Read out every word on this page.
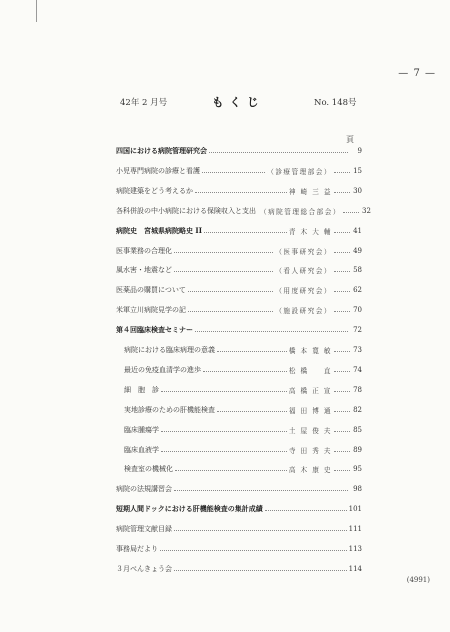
— 7 —
42年 2 月号	もくじ	No. 148号
頁
四国における病院管理研究会	9
小児専門病院の診療と看護	（診療管理部会）	15
病院建築をどう考えるか	神 崎 三 益	30
各科併設の中小病院における保険収入と支出 （病院管理総合部会）	32
病院史　宮城県病院略史 II	青 木 大 輔	41
医事業務の合理化	（医事研究会）	49
風水害・地震など	（看人研究会）	58
医薬品の購買について	（用度研究会）	62
米軍立川病院見学の記	（施設研究会）	70
第４回臨床検査セミナー	72
病院における臨床病理の意義	橋 本 寛 敏	73
最近の免疫血清学の進歩	松 橋 　 直	74
細　胞　診	高 橋 正 宣	78
実地診療のための肝機能検査	福 田 博 通	82
臨床腫瘍学	土 屋 俊 夫	85
臨床血液学	寺 田 秀 夫	89
検査室の機械化	高 木 康 史	95
病院の法規講習会	98
短期人間ドックにおける肝機能検査の集計成績	101
病院管理文献目録	111
事務局だより	113
３月べんきょう会	114
(4991)
